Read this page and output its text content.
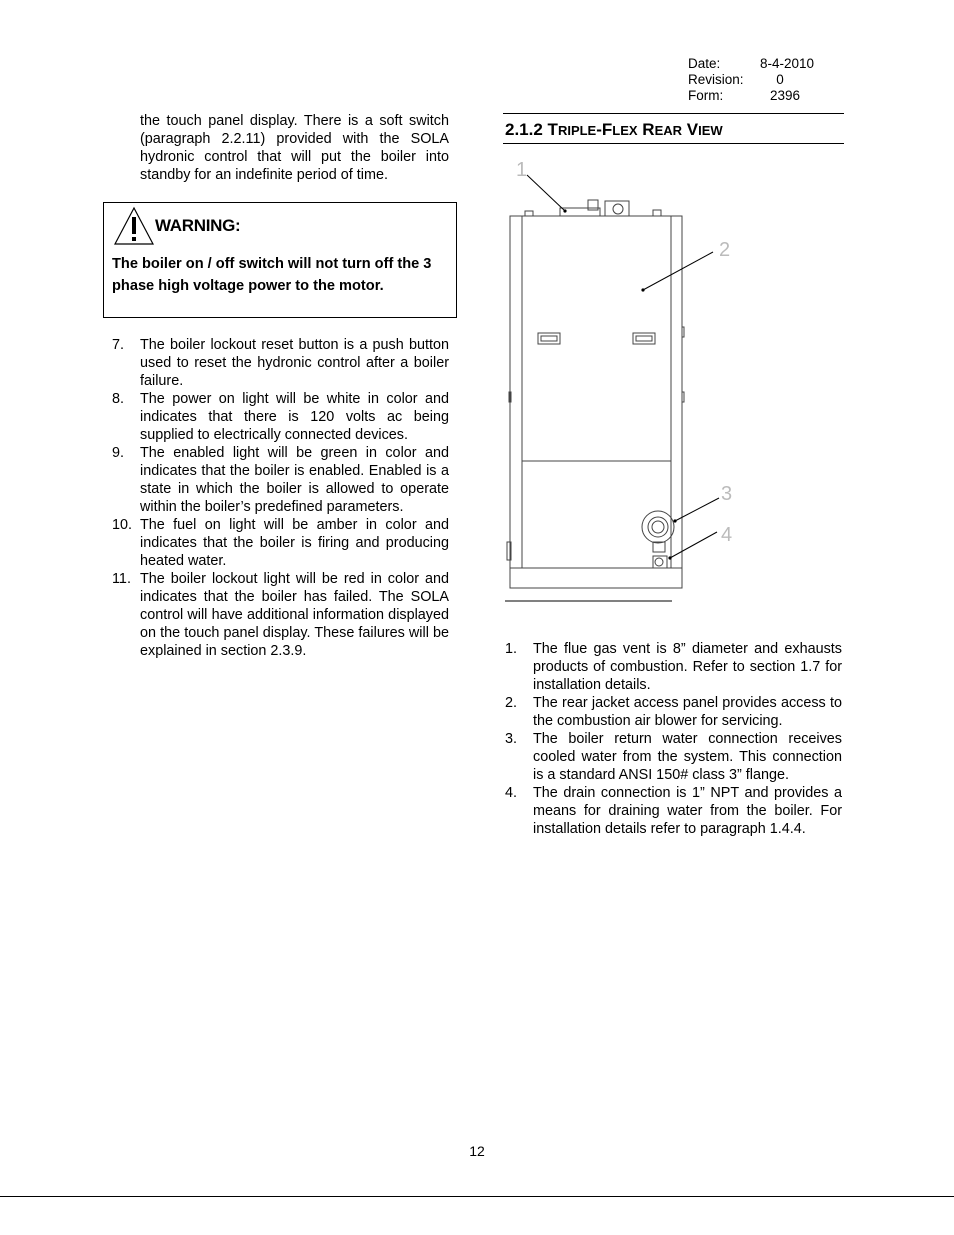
Date:	8-4-2010
Revision:	0
Form:	2396
the touch panel display. There is a soft switch (paragraph 2.2.11) provided with the SOLA hydronic control that will put the boiler into standby for an indefinite period of time.
WARNING:
The boiler on / off switch will not turn off the 3 phase high voltage power to the motor.
7.	The boiler lockout reset button is a push button used to reset the hydronic control after a boiler failure.
8.	The power on light will be white in color and indicates that there is 120 volts ac being supplied to electrically connected devices.
9.	The enabled light will be green in color and indicates that the boiler is enabled. Enabled is a state in which the boiler is allowed to operate within the boiler’s predefined parameters.
10. The fuel on light will be amber in color and indicates that the boiler is firing and producing heated water.
11. The boiler lockout light will be red in color and indicates that the boiler has failed. The SOLA control will have additional information displayed on the touch panel display. These failures will be explained in section 2.3.9.
2.1.2 TRIPLE-FLEX REAR VIEW
1
2
3
4
1.	The flue gas vent is 8” diameter and exhausts products of combustion. Refer to section 1.7 for installation details.
2.	The rear jacket access panel provides access to the combustion air blower for servicing.
3.	The boiler return water connection receives cooled water from the system. This connection is a standard ANSI 150# class 3” flange.
4.	The drain connection is 1” NPT and provides a means for draining water from the boiler. For installation details refer to paragraph 1.4.4.
12
